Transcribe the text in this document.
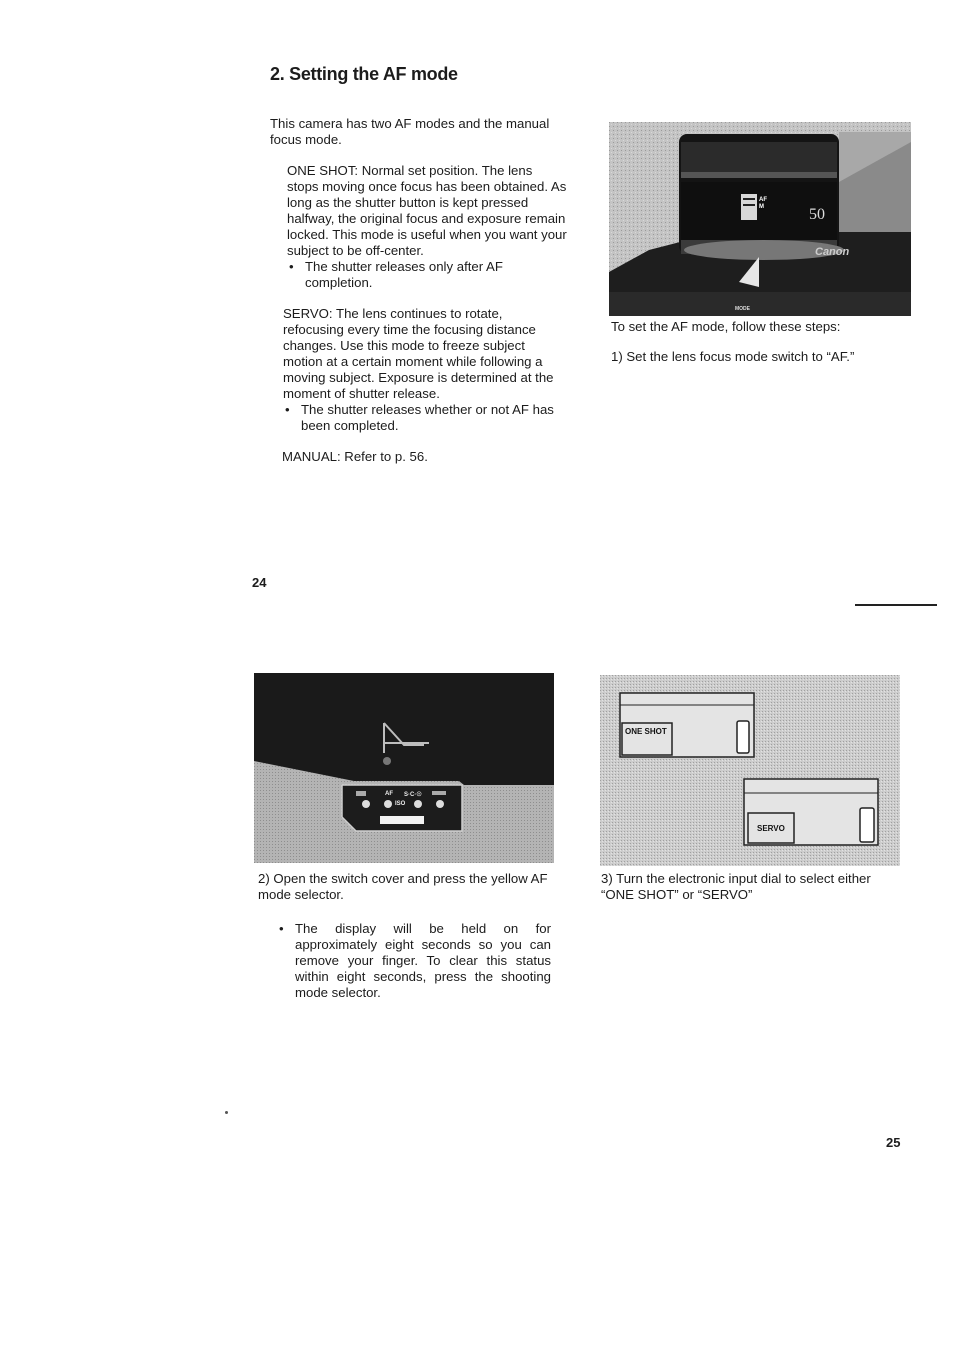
2. Setting the AF mode
This camera has two AF modes and the manual focus mode.
ONE SHOT: Normal set position. The lens stops moving once focus has been obtained. As long as the shutter button is kept pressed halfway, the original focus and exposure remain locked. This mode is useful when you want your subject to be off-center.
• The shutter releases only after AF completion.
SERVO: The lens continues to rotate, refocusing every time the focusing distance changes. Use this mode to freeze subject motion at a certain moment while following a moving subject. Exposure is determined at the moment of shutter release.
• The shutter releases whether or not AF has been completed.
MANUAL: Refer to p. 56.
24
AF
M	50
Canon
MODE
To set the AF mode, follow these steps:
1) Set the lens focus mode switch to “AF.”
AF S·C·☉
ISO
2) Open the switch cover and press the yellow AF mode selector.
• The display will be held on for approximately eight seconds so you can remove your finger. To clear this status within eight seconds, press the shooting mode selector.
ONE SHOT
SERVO
3) Turn the electronic input dial to select either “ONE SHOT” or “SERVO”
25
